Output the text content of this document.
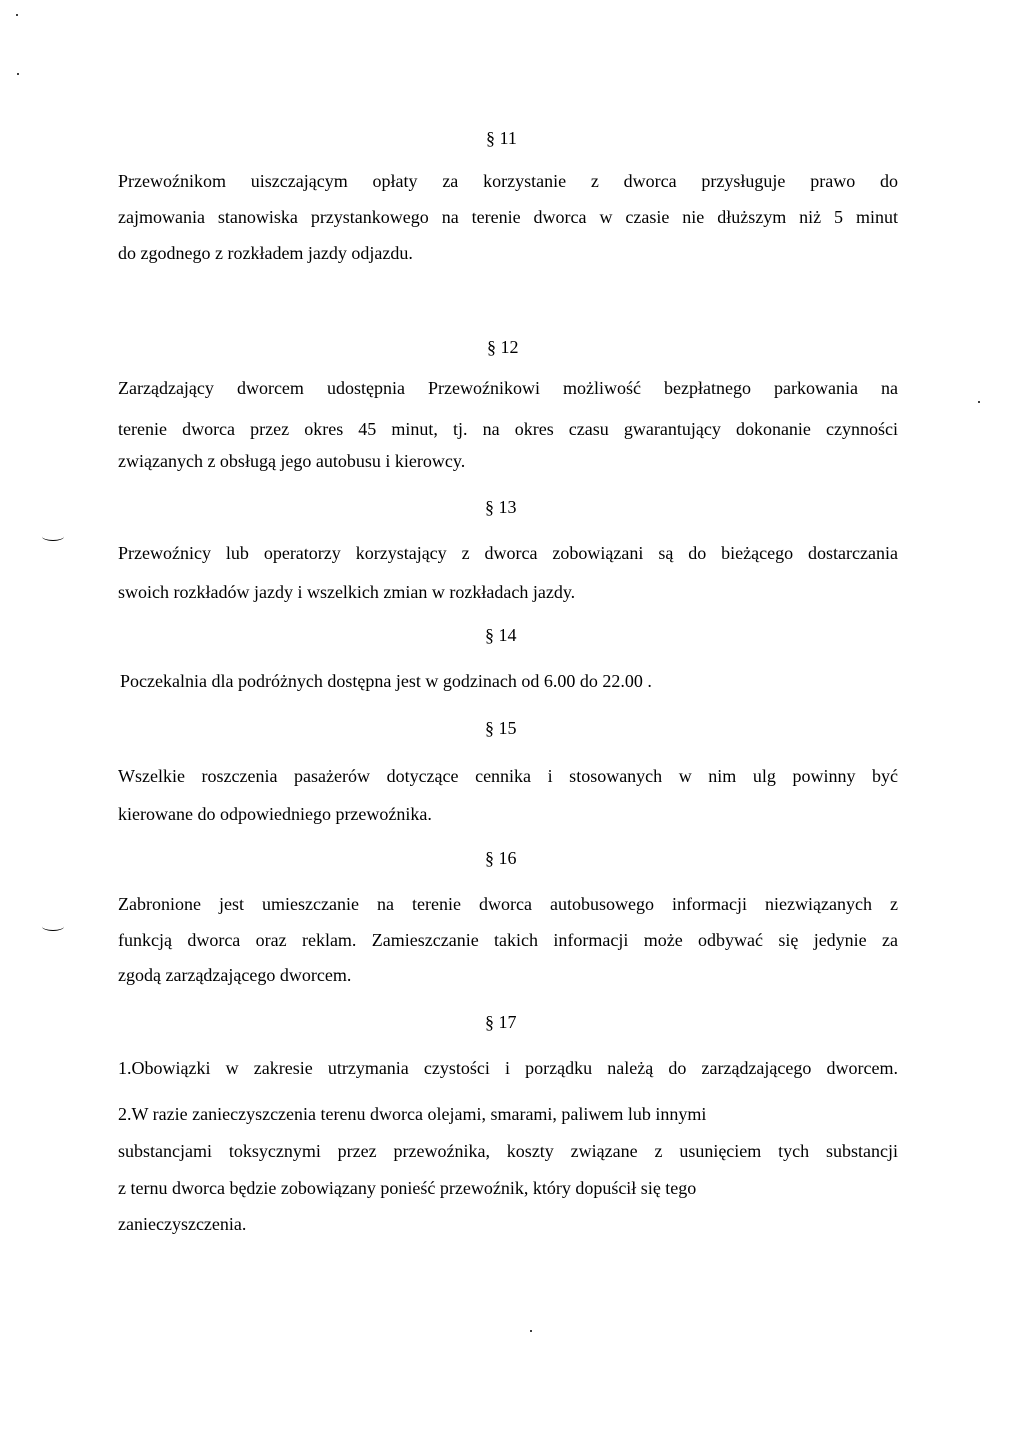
§ 11
Przewoźnikom uiszczającym opłaty za korzystanie z dworca przysługuje prawo do
zajmowania stanowiska przystankowego na terenie dworca w czasie nie dłuższym niż 5 minut
do zgodnego z rozkładem jazdy odjazdu.
§ 12
Zarządzający dworcem udostępnia Przewoźnikowi możliwość bezpłatnego parkowania na
terenie dworca przez okres 45 minut, tj. na okres czasu gwarantujący dokonanie czynności
związanych z obsługą jego autobusu i kierowcy.
§ 13
Przewoźnicy lub operatorzy korzystający z dworca zobowiązani są do bieżącego dostarczania
swoich rozkładów jazdy i wszelkich zmian w rozkładach jazdy.
§ 14
Poczekalnia dla podróżnych dostępna jest w godzinach od 6.00 do 22.00 .
§ 15
Wszelkie roszczenia pasażerów dotyczące cennika i stosowanych w nim ulg powinny być
kierowane do odpowiedniego przewoźnika.
§ 16
Zabronione jest umieszczanie na terenie dworca autobusowego informacji niezwiązanych z
funkcją dworca oraz reklam. Zamieszczanie takich informacji może odbywać się jedynie za
zgodą zarządzającego dworcem.
§ 17
1.Obowiązki w zakresie utrzymania czystości i porządku należą do zarządzającego dworcem.
2.W razie zanieczyszczenia terenu dworca olejami, smarami, paliwem lub innymi
substancjami toksycznymi przez przewoźnika, koszty związane z usunięciem tych substancji
z ternu dworca będzie zobowiązany ponieść przewoźnik, który dopuścił się tego
zanieczyszczenia.
